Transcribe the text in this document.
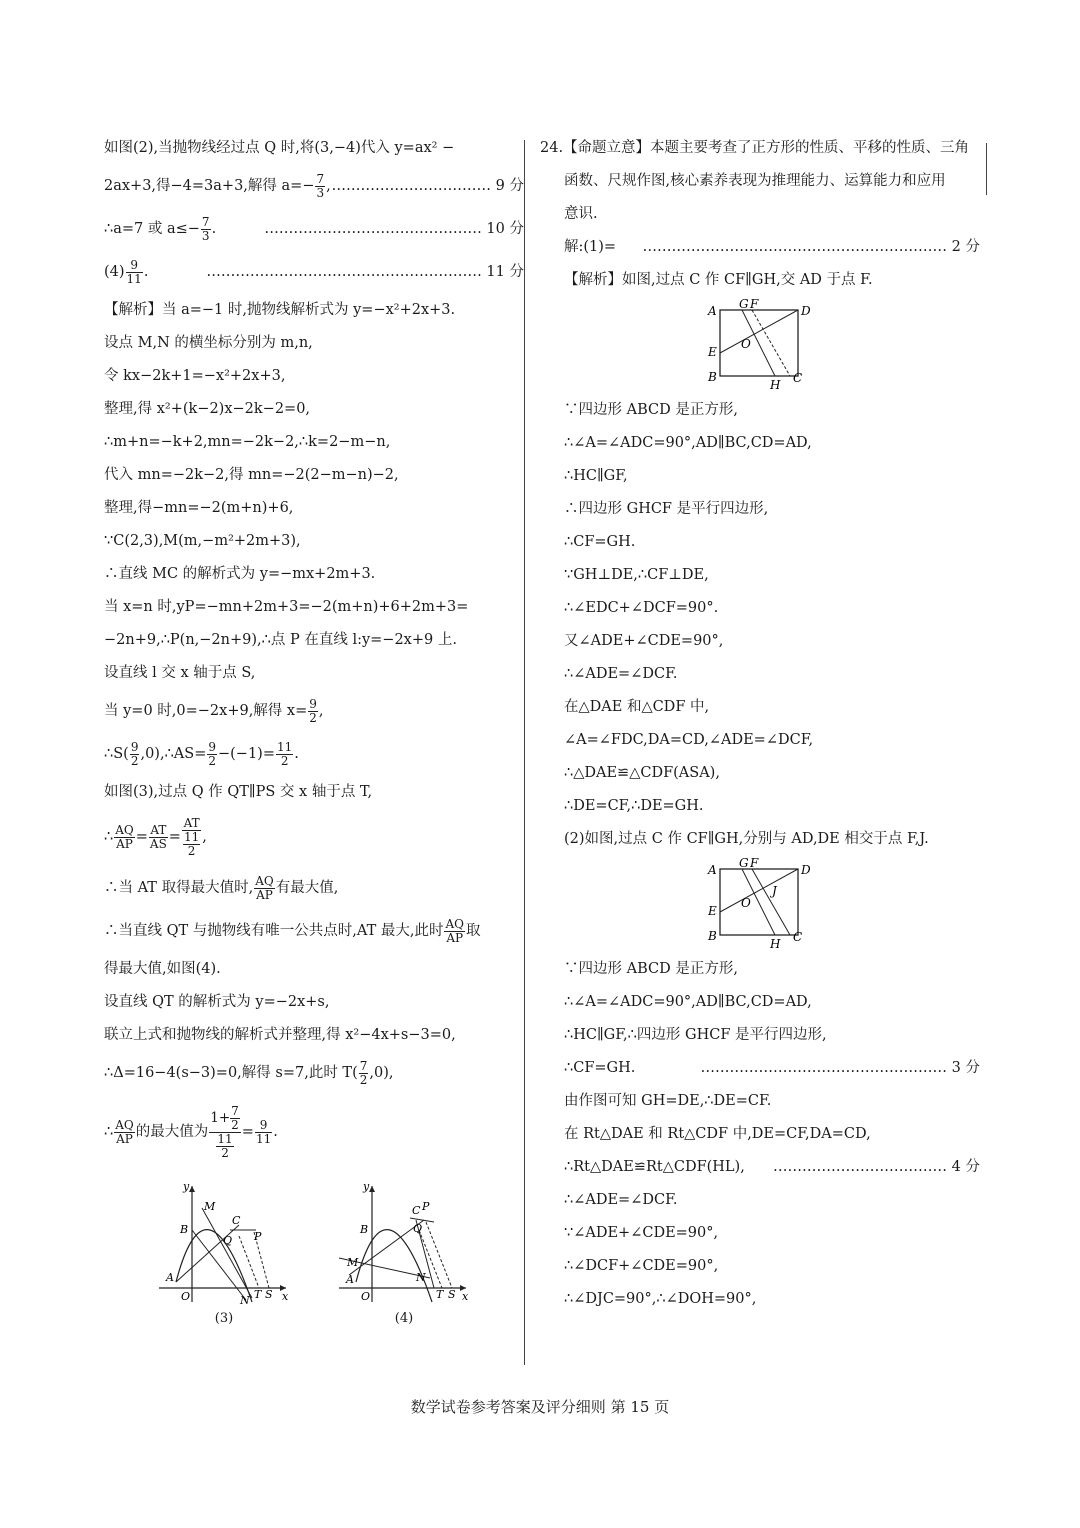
如图(2),当抛物线经过点 Q 时,将(3,−4)代入 y=ax² −
2ax+3,得−4=3a+3,解得 $a=- \frac{7}{3}$ , …………………………… 9 分
∴a=7 或 $a\le- \frac{7}{3}$ .	……………………………………… 10 分
$(4) \frac{9}{11}$ .	………………………………………………… 11 分
【解析】当 a=−1 时,抛物线解析式为 y=−x²+2x+3.
设点 M,N 的横坐标分别为 m,n,
令 kx−2k+1=−x²+2x+3,
整理,得 x²+(k−2)x−2k−2=0,
∴m+n=−k+2,mn=−2k−2,∴k=2−m−n,
代入 mn=−2k−2,得 mn=−2(2−m−n)−2,
整理,得−mn=−2(m+n)+6,
∵C(2,3),M(m,−m²+2m+3),
∴直线 MC 的解析式为 y=−mx+2m+3.
当 x=n 时,yP=−mn+2m+3=−2(m+n)+6+2m+3=
−2n+9,∴P(n,−2n+9),∴点 P 在直线 l:y=−2x+9 上.
设直线 l 交 x 轴于点 S,
当 y=0 时,0=−2x+9,解得 $x= \frac{9}{2}$ ,
∴S( $\frac{9}{2}$ ,0),∴AS= $\frac{9}{2} -(-1)= \frac{11}{2}$ .
如图(3),过点 Q 作 QT∥PS 交 x 轴于点 T,
∴ $\frac{AQ}{AP} = \frac{AT}{AS} = \frac{AT}{\frac{11}{2}}$ ,
∴当 AT 取得最大值时, $\frac{AQ}{AP}$ 有最大值,
∴当直线 QT 与抛物线有唯一公共点时,AT 最大,此时 $\frac{AQ}{AP}$ 取
得最大值,如图(4).
设直线 QT 的解析式为 y=−2x+s,
联立上式和抛物线的解析式并整理,得 x²−4x+s−3=0,
∴Δ=16−4(s−3)=0,解得 s=7,此时 $T( \frac{7}{2} ,0)$,
∴ $\frac{AQ}{AP}$ 的最大值为 $\frac{1+ \frac{7}{2}}{\frac{11}{2}} = \frac{9}{11}$ .
y
x
O
A
B
M
C
Q P
N T S
(3)
y
x
O
A
B
M
C P
Q
N
T S
(4)
24.【命题立意】本题主要考查了正方形的性质、平移的性质、三角
函数、尺规作图,核心素养表现为推理能力、运算能力和应用
意识.
解:(1)= ……………………………………………………… 2 分
【解析】如图,过点 C 作 CF∥GH,交 AD 于点 F.
A G F	D
E
O
B
H C
∵四边形 ABCD 是正方形,
∴∠A=∠ADC=90°,AD∥BC,CD=AD,
∴HC∥GF,
∴四边形 GHCF 是平行四边形,
∴CF=GH.
∵GH⊥DE,∴CF⊥DE,
∴∠EDC+∠DCF=90°.
又∠ADE+∠CDE=90°,
∴∠ADE=∠DCF.
在△DAE 和△CDF 中,
∠A=∠FDC,DA=CD,∠ADE=∠DCF,
∴△DAE≌△CDF(ASA),
∴DE=CF,∴DE=GH.
(2)如图,过点 C 作 CF∥GH,分别与 AD,DE 相交于点 F,J.
A G F	D
E
O
J
B
H C
∵四边形 ABCD 是正方形,
∴∠A=∠ADC=90°,AD∥BC,CD=AD,
∴HC∥GF,∴四边形 GHCF 是平行四边形,
∴CF=GH.	…………………………………………… 3 分
由作图可知 GH=DE,∴DE=CF.
在 Rt△DAE 和 Rt△CDF 中,DE=CF,DA=CD,
∴Rt△DAE≌Rt△CDF(HL), ……………………………… 4 分
∴∠ADE=∠DCF.
∵∠ADE+∠CDE=90°,
∴∠DCF+∠CDE=90°,
∴∠DJC=90°,∴∠DOH=90°,
数学试卷参考答案及评分细则 第 15 页
